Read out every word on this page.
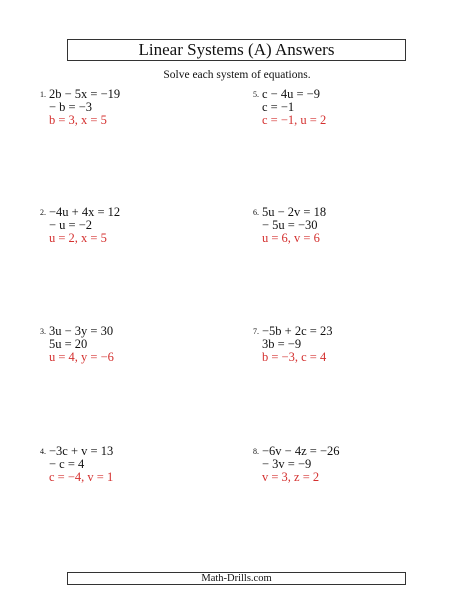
Linear Systems (A) Answers
Solve each system of equations.
1. 2b − 5x = −19
− b = −3
b = 3, x = 5
2. −4u + 4x = 12
− u = −2
u = 2, x = 5
3. 3u − 3y = 30
5u = 20
u = 4, y = −6
4. −3c + v = 13
− c = 4
c = −4, v = 1
5. c − 4u = −9
c = −1
c = −1, u = 2
6. 5u − 2v = 18
− 5u = −30
u = 6, v = 6
7. −5b + 2c = 23
3b = −9
b = −3, c = 4
8. −6v − 4z = −26
− 3v = −9
v = 3, z = 2
Math-Drills.com
